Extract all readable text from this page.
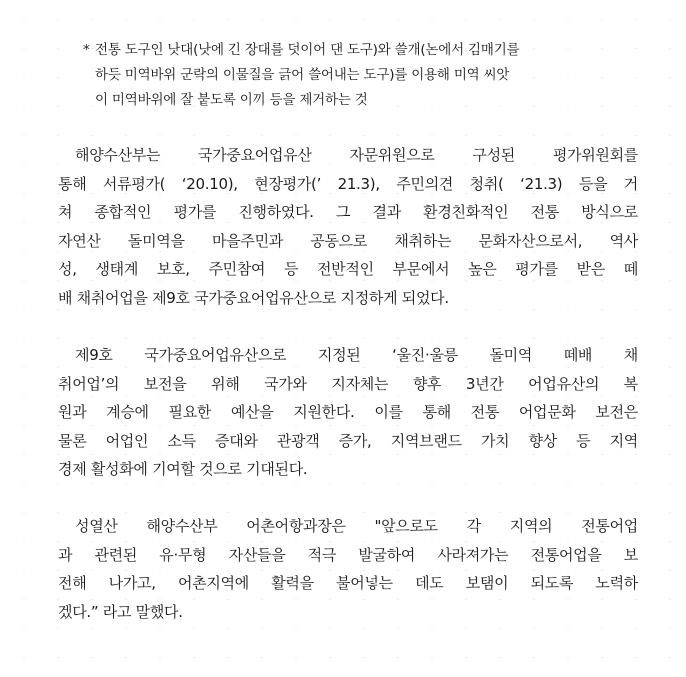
* 전통 도구인 낫대(낫에 긴 장대를 덧이어 댄 도구)와 쓸개(논에서 김매기를
하듯 미역바위 군락의 이물질을 긁어 쓸어내는 도구)를 이용해 미역 씨앗
이 미역바위에 잘 붙도록 이끼 등을 제거하는 것
해양수산부는 국가중요어업유산 자문위원으로 구성된 평가위원회를
통해 서류평가( ‘20.10), 현장평가(’ 21.3), 주민의견 청취( ‘21.3) 등을 거
쳐 종합적인 평가를 진행하였다. 그 결과 환경친화적인 전통 방식으로
자연산 돌미역을 마을주민과 공동으로 채취하는 문화자산으로서, 역사
성, 생태계 보호, 주민참여 등 전반적인 부문에서 높은 평가를 받은 떼
배 채취어업을 제9호 국가중요어업유산으로 지정하게 되었다.
제9호 국가중요어업유산으로 지정된 ‘울진·울릉 돌미역 떼배 채
취어업’의 보전을 위해 국가와 지자체는 향후 3년간 어업유산의 복
원과 계승에 필요한 예산을 지원한다. 이를 통해 전통 어업문화 보전은
물론 어업인 소득 증대와 관광객 증가, 지역브랜드 가치 향상 등 지역
경제 활성화에 기여할 것으로 기대된다.
성열산 해양수산부 어촌어항과장은 "앞으로도 각 지역의 전통어업
과 관련된 유·무형 자산들을 적극 발굴하여 사라져가는 전통어업을 보
전해 나가고, 어촌지역에 활력을 불어넣는 데도 보탬이 되도록 노력하
겠다.” 라고 말했다.
